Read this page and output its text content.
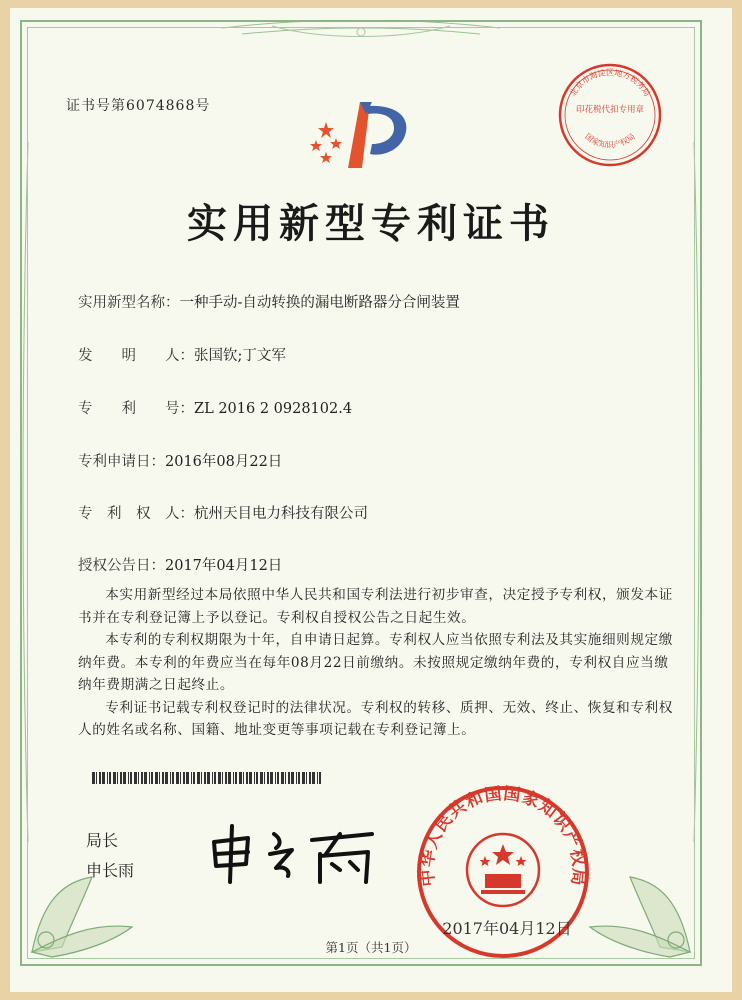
证书号第6074868号
北京市海淀区地方税务局
印花税代扣专用章
国家知识产权局
实用新型专利证书
实用新型名称：一种手动-自动转换的漏电断路器分合闸装置
发　　明　　人：张国钦;丁文军
专　　利　　号：ZL 2016 2 0928102.4
专利申请日：2016年08月22日
专　利　权　人：杭州天目电力科技有限公司
授权公告日：2017年04月12日

本实用新型经过本局依照中华人民共和国专利法进行初步审查，决定授予专利权，颁发本证书并在专利登记簿上予以登记。专利权自授权公告之日起生效。

本专利的专利权期限为十年，自申请日起算。专利权人应当依照专利法及其实施细则规定缴纳年费。本专利的年费应当在每年08月22日前缴纳。未按照规定缴纳年费的，专利权自应当缴纳年费期满之日起终止。

专利证书记载专利权登记时的法律状况。专利权的转移、质押、无效、终止、恢复和专利权人的姓名或名称、国籍、地址变更等事项记载在专利登记簿上。

局长
申长雨	中华人民共和国国家知识产权局
2017年04月12日
第1页（共1页）
